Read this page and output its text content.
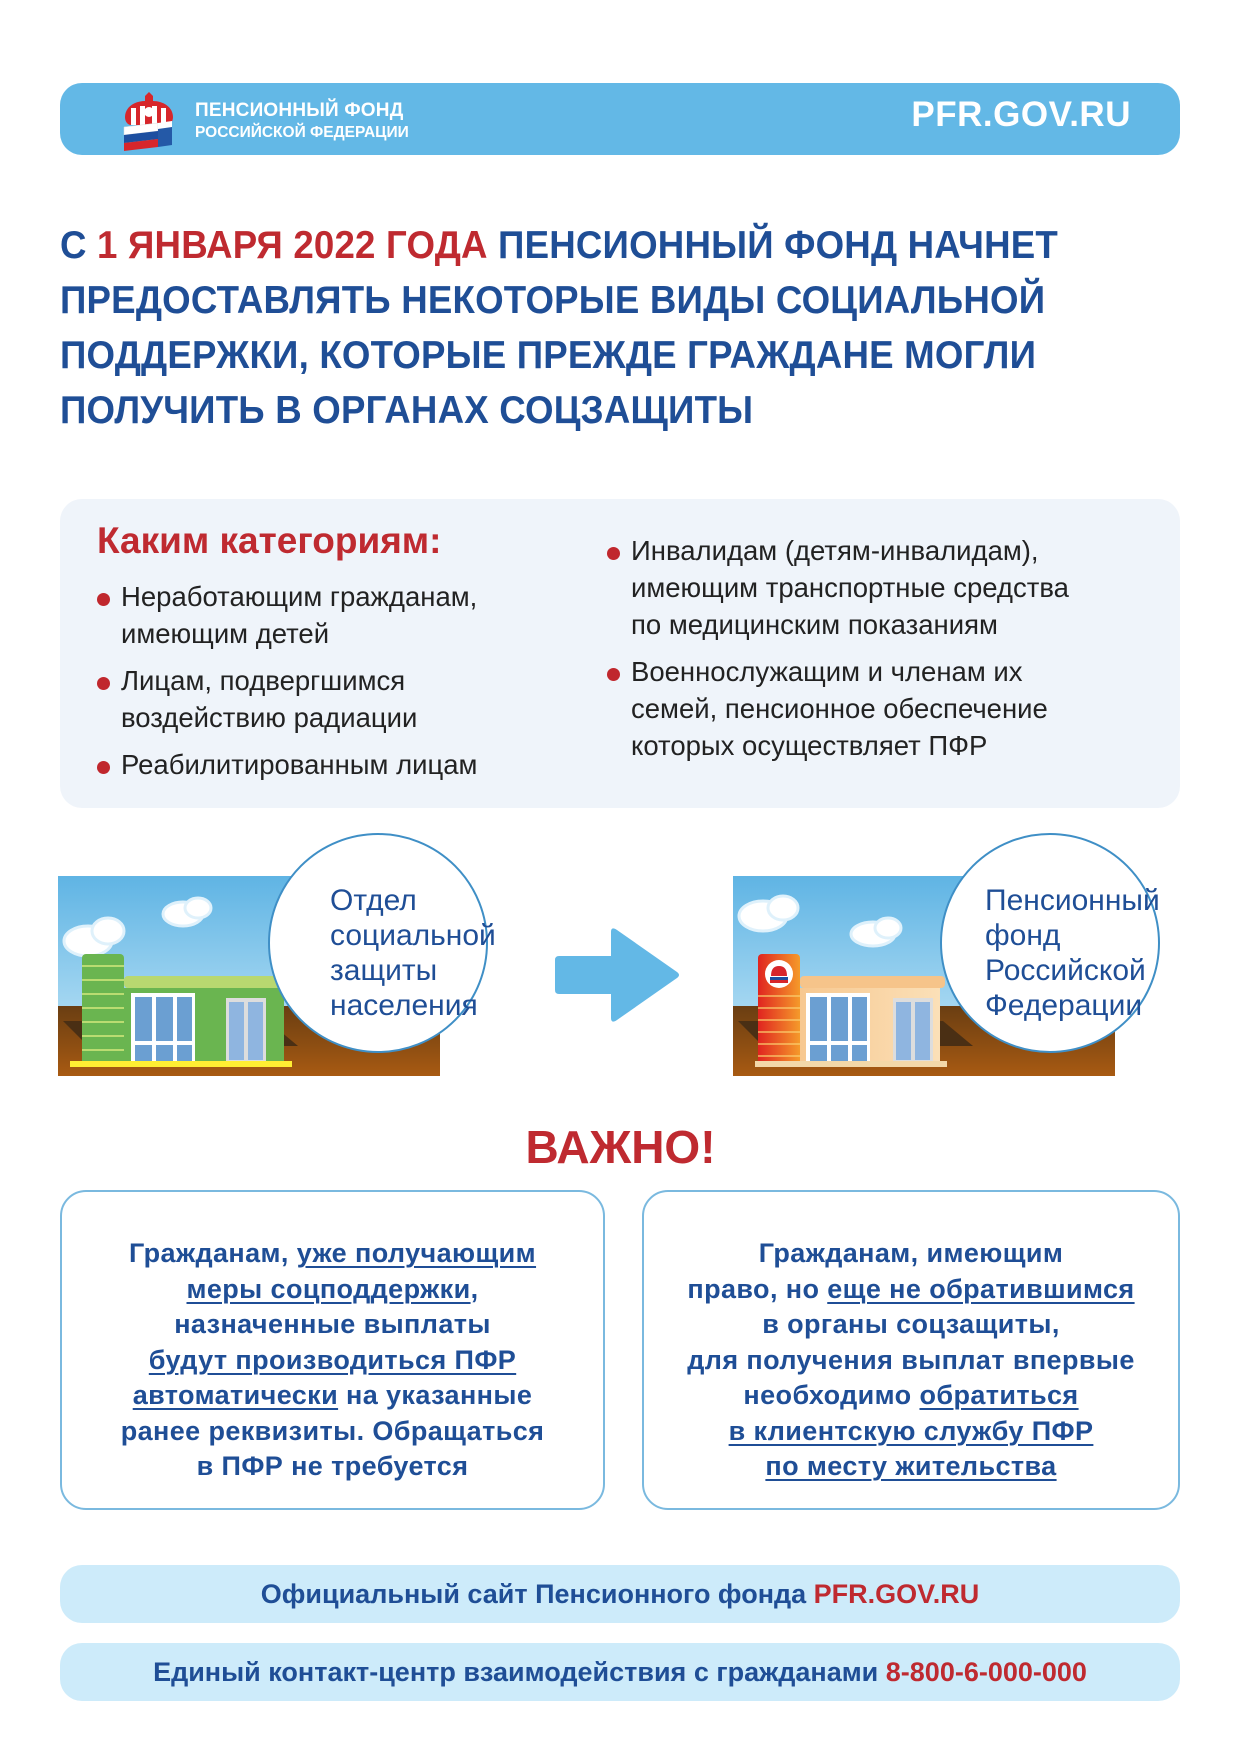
ПЕНСИОННЫЙ ФОНД
РОССИЙСКОЙ ФЕДЕРАЦИИ	PFR.GOV.RU
С 1 ЯНВАРЯ 2022 ГОДА ПЕНСИОННЫЙ ФОНД НАЧНЕТ
ПРЕДОСТАВЛЯТЬ НЕКОТОРЫЕ ВИДЫ СОЦИАЛЬНОЙ
ПОДДЕРЖКИ, КОТОРЫЕ ПРЕЖДЕ ГРАЖДАНЕ МОГЛИ
ПОЛУЧИТЬ В ОРГАНАХ СОЦЗАЩИТЫ
Каким категориям:
Неработающим гражданам,
имеющим детей
Лицам, подвергшимся
воздействию радиации
Реабилитированным лицам
Инвалидам (детям-инвалидам),
имеющим транспортные средства
по медицинским показаниям
Военнослужащим и членам их
семей, пенсионное обеспечение
которых осуществляет ПФР
Отдел
социальной
защиты
населения
Пенсионный
фонд
Российской
Федерации
ВАЖНО!
Гражданам, уже получающим
меры соцподдержки,
назначенные выплаты
будут производиться ПФР
автоматически на указанные
ранее реквизиты. Обращаться
в ПФР не требуется
Гражданам, имеющим
право, но еще не обратившимся
в органы соцзащиты,
для получения выплат впервые
необходимо обратиться
в клиентскую службу ПФР
по месту жительства
Официальный сайт Пенсионного фонда PFR.GOV.RU
Единый контакт-центр взаимодействия с гражданами 8-800-6-000-000
